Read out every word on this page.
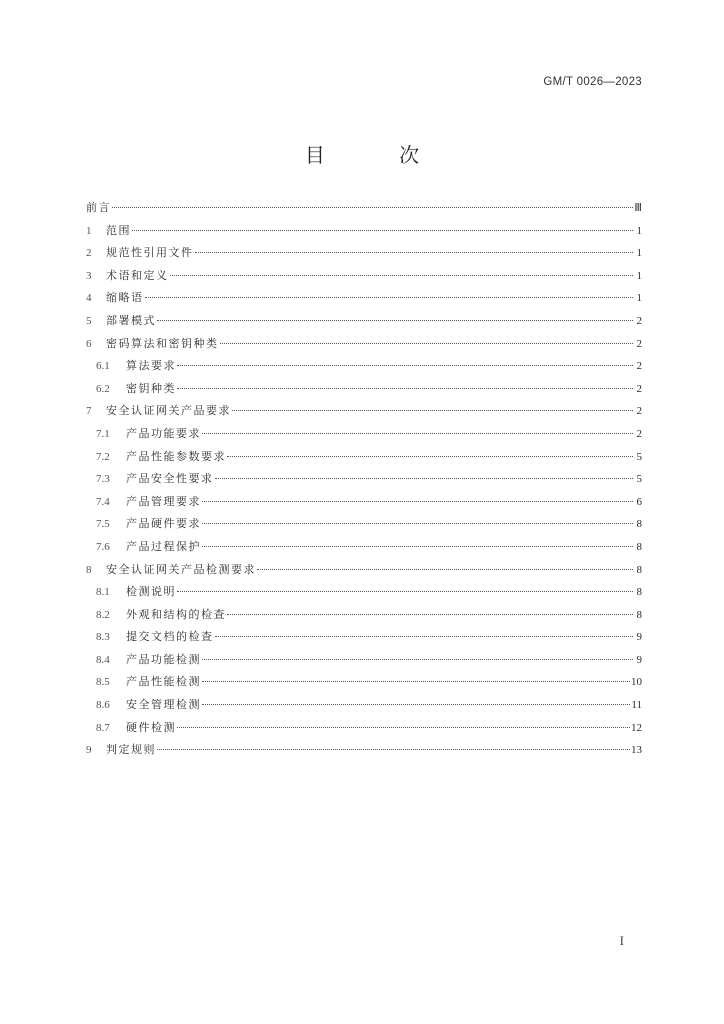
GM/T 0026—2023
目 次
前言	Ⅲ
1	范围	1
2	规范性引用文件	1
3	术语和定义	1
4	缩略语	1
5	部署模式	2
6	密码算法和密钥种类	2
6.1	算法要求	2
6.2	密钥种类	2
7	安全认证网关产品要求	2
7.1	产品功能要求	2
7.2	产品性能参数要求	5
7.3	产品安全性要求	5
7.4	产品管理要求	6
7.5	产品硬件要求	8
7.6	产品过程保护	8
8	安全认证网关产品检测要求	8
8.1	检测说明	8
8.2	外观和结构的检查	8
8.3	提交文档的检查	9
8.4	产品功能检测	9
8.5	产品性能检测	10
8.6	安全管理检测	11
8.7	硬件检测	12
9	判定规则	13
I
